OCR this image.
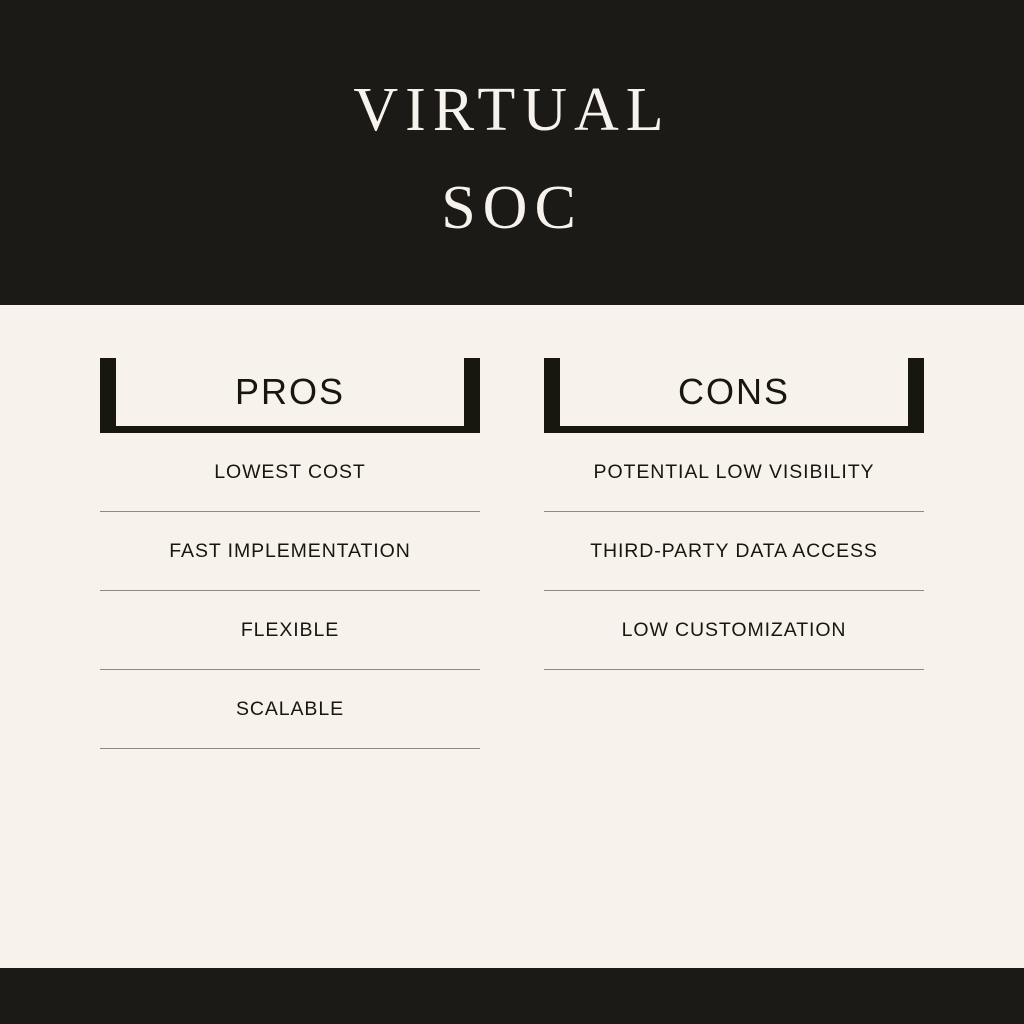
VIRTUAL
SOC
PROS
LOWEST COST
FAST IMPLEMENTATION
FLEXIBLE
SCALABLE
CONS
POTENTIAL LOW VISIBILITY
THIRD-PARTY DATA ACCESS
LOW CUSTOMIZATION
